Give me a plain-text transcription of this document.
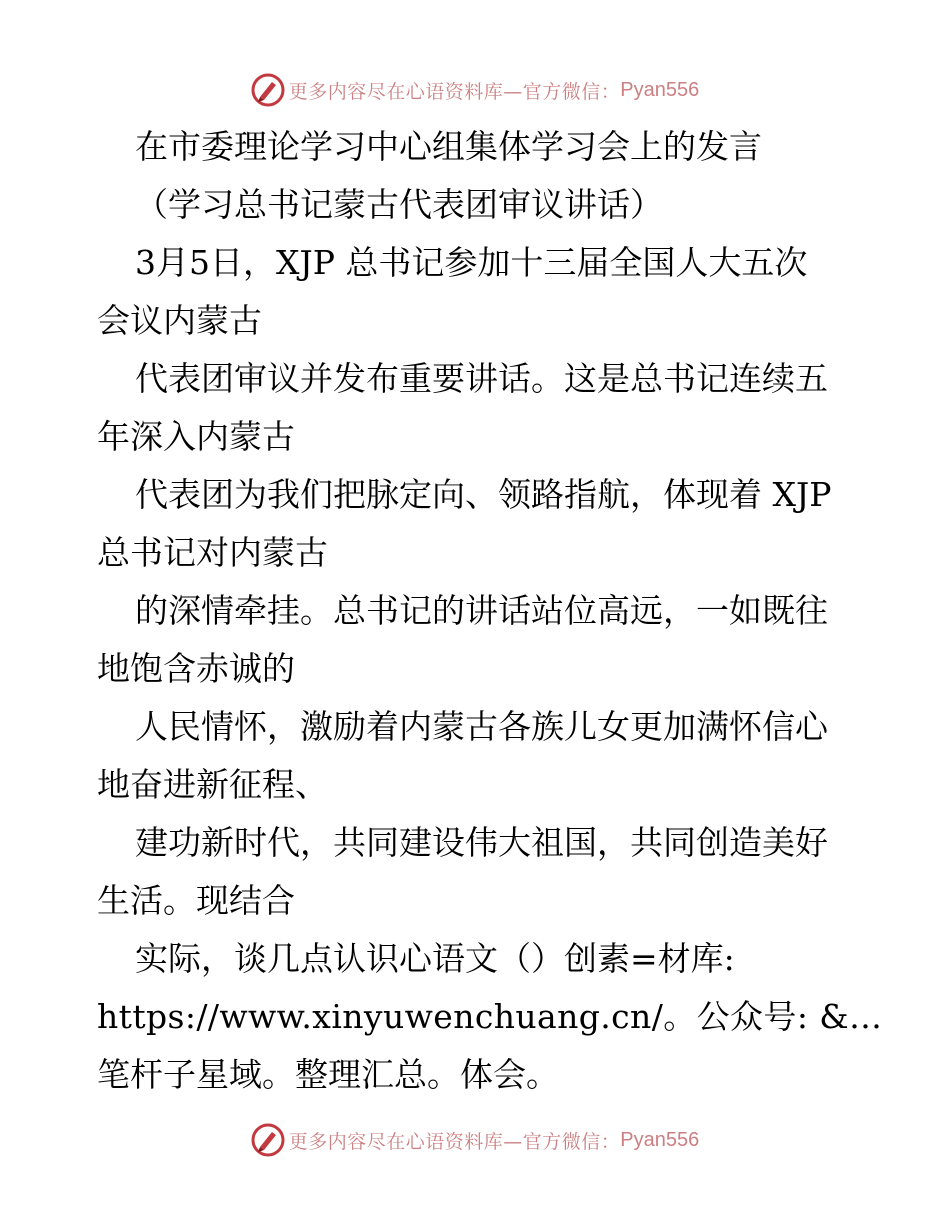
更多内容尽在心语资料库—官方微信： Pyan556

在市委理论学习中心组集体学习会上的发言

（学习总书记蒙古代表团审议讲话）

3月5日，XJP 总书记参加十三届全国人大五次

会议内蒙古

代表团审议并发布重要讲话。这是总书记连续五

年深入内蒙古

代表团为我们把脉定向、领路指航，体现着 XJP

总书记对内蒙古

的深情牵挂。总书记的讲话站位高远，一如既往

地饱含赤诚的

人民情怀，激励着内蒙古各族儿女更加满怀信心

地奋进新征程、

建功新时代，共同建设伟大祖国，共同创造美好

生活。现结合

实际，谈几点认识心语文（）创素=材库:

https://www.xinyuwenchuang.cn/。公众号: &…

笔杆子星域。整理汇总。体会。

更多内容尽在心语资料库—官方微信： Pyan556
